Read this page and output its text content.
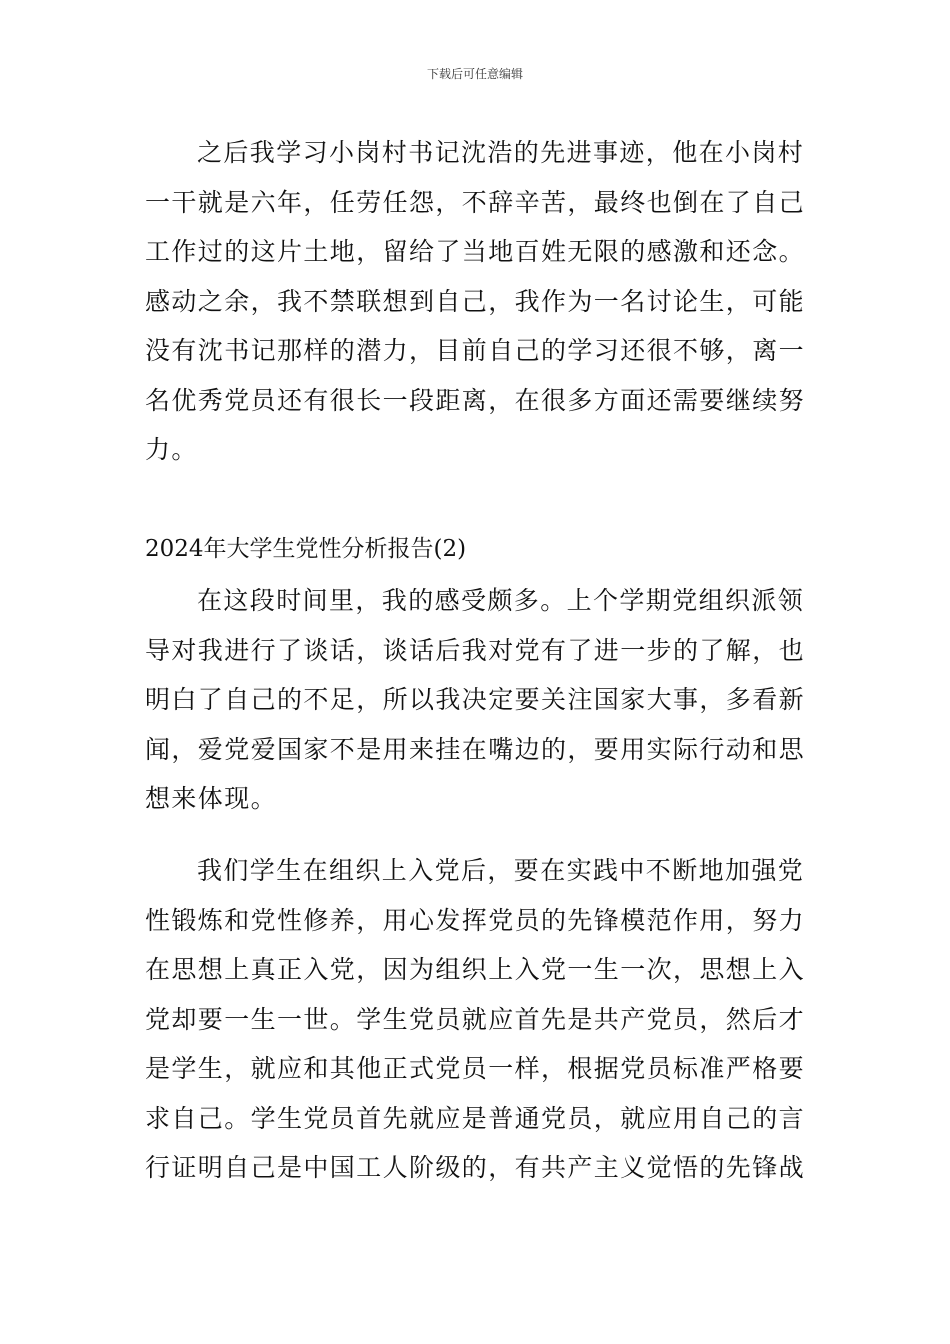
下载后可任意编辑
之后我学习小岗村书记沈浩的先进事迹，他在小岗村
一干就是六年，任劳任怨，不辞辛苦，最终也倒在了自己
工作过的这片土地，留给了当地百姓无限的感激和还念。
感动之余，我不禁联想到自己，我作为一名讨论生，可能
没有沈书记那样的潜力，目前自己的学习还很不够，离一
名优秀党员还有很长一段距离，在很多方面还需要继续努
力。
2024年大学生党性分析报告(2)
在这段时间里，我的感受颇多。上个学期党组织派领
导对我进行了谈话，谈话后我对党有了进一步的了解，也
明白了自己的不足，所以我决定要关注国家大事，多看新
闻，爱党爱国家不是用来挂在嘴边的，要用实际行动和思
想来体现。
我们学生在组织上入党后，要在实践中不断地加强党
性锻炼和党性修养，用心发挥党员的先锋模范作用，努力
在思想上真正入党，因为组织上入党一生一次，思想上入
党却要一生一世。学生党员就应首先是共产党员，然后才
是学生，就应和其他正式党员一样，根据党员标准严格要
求自己。学生党员首先就应是普通党员，就应用自己的言
行证明自己是中国工人阶级的，有共产主义觉悟的先锋战
